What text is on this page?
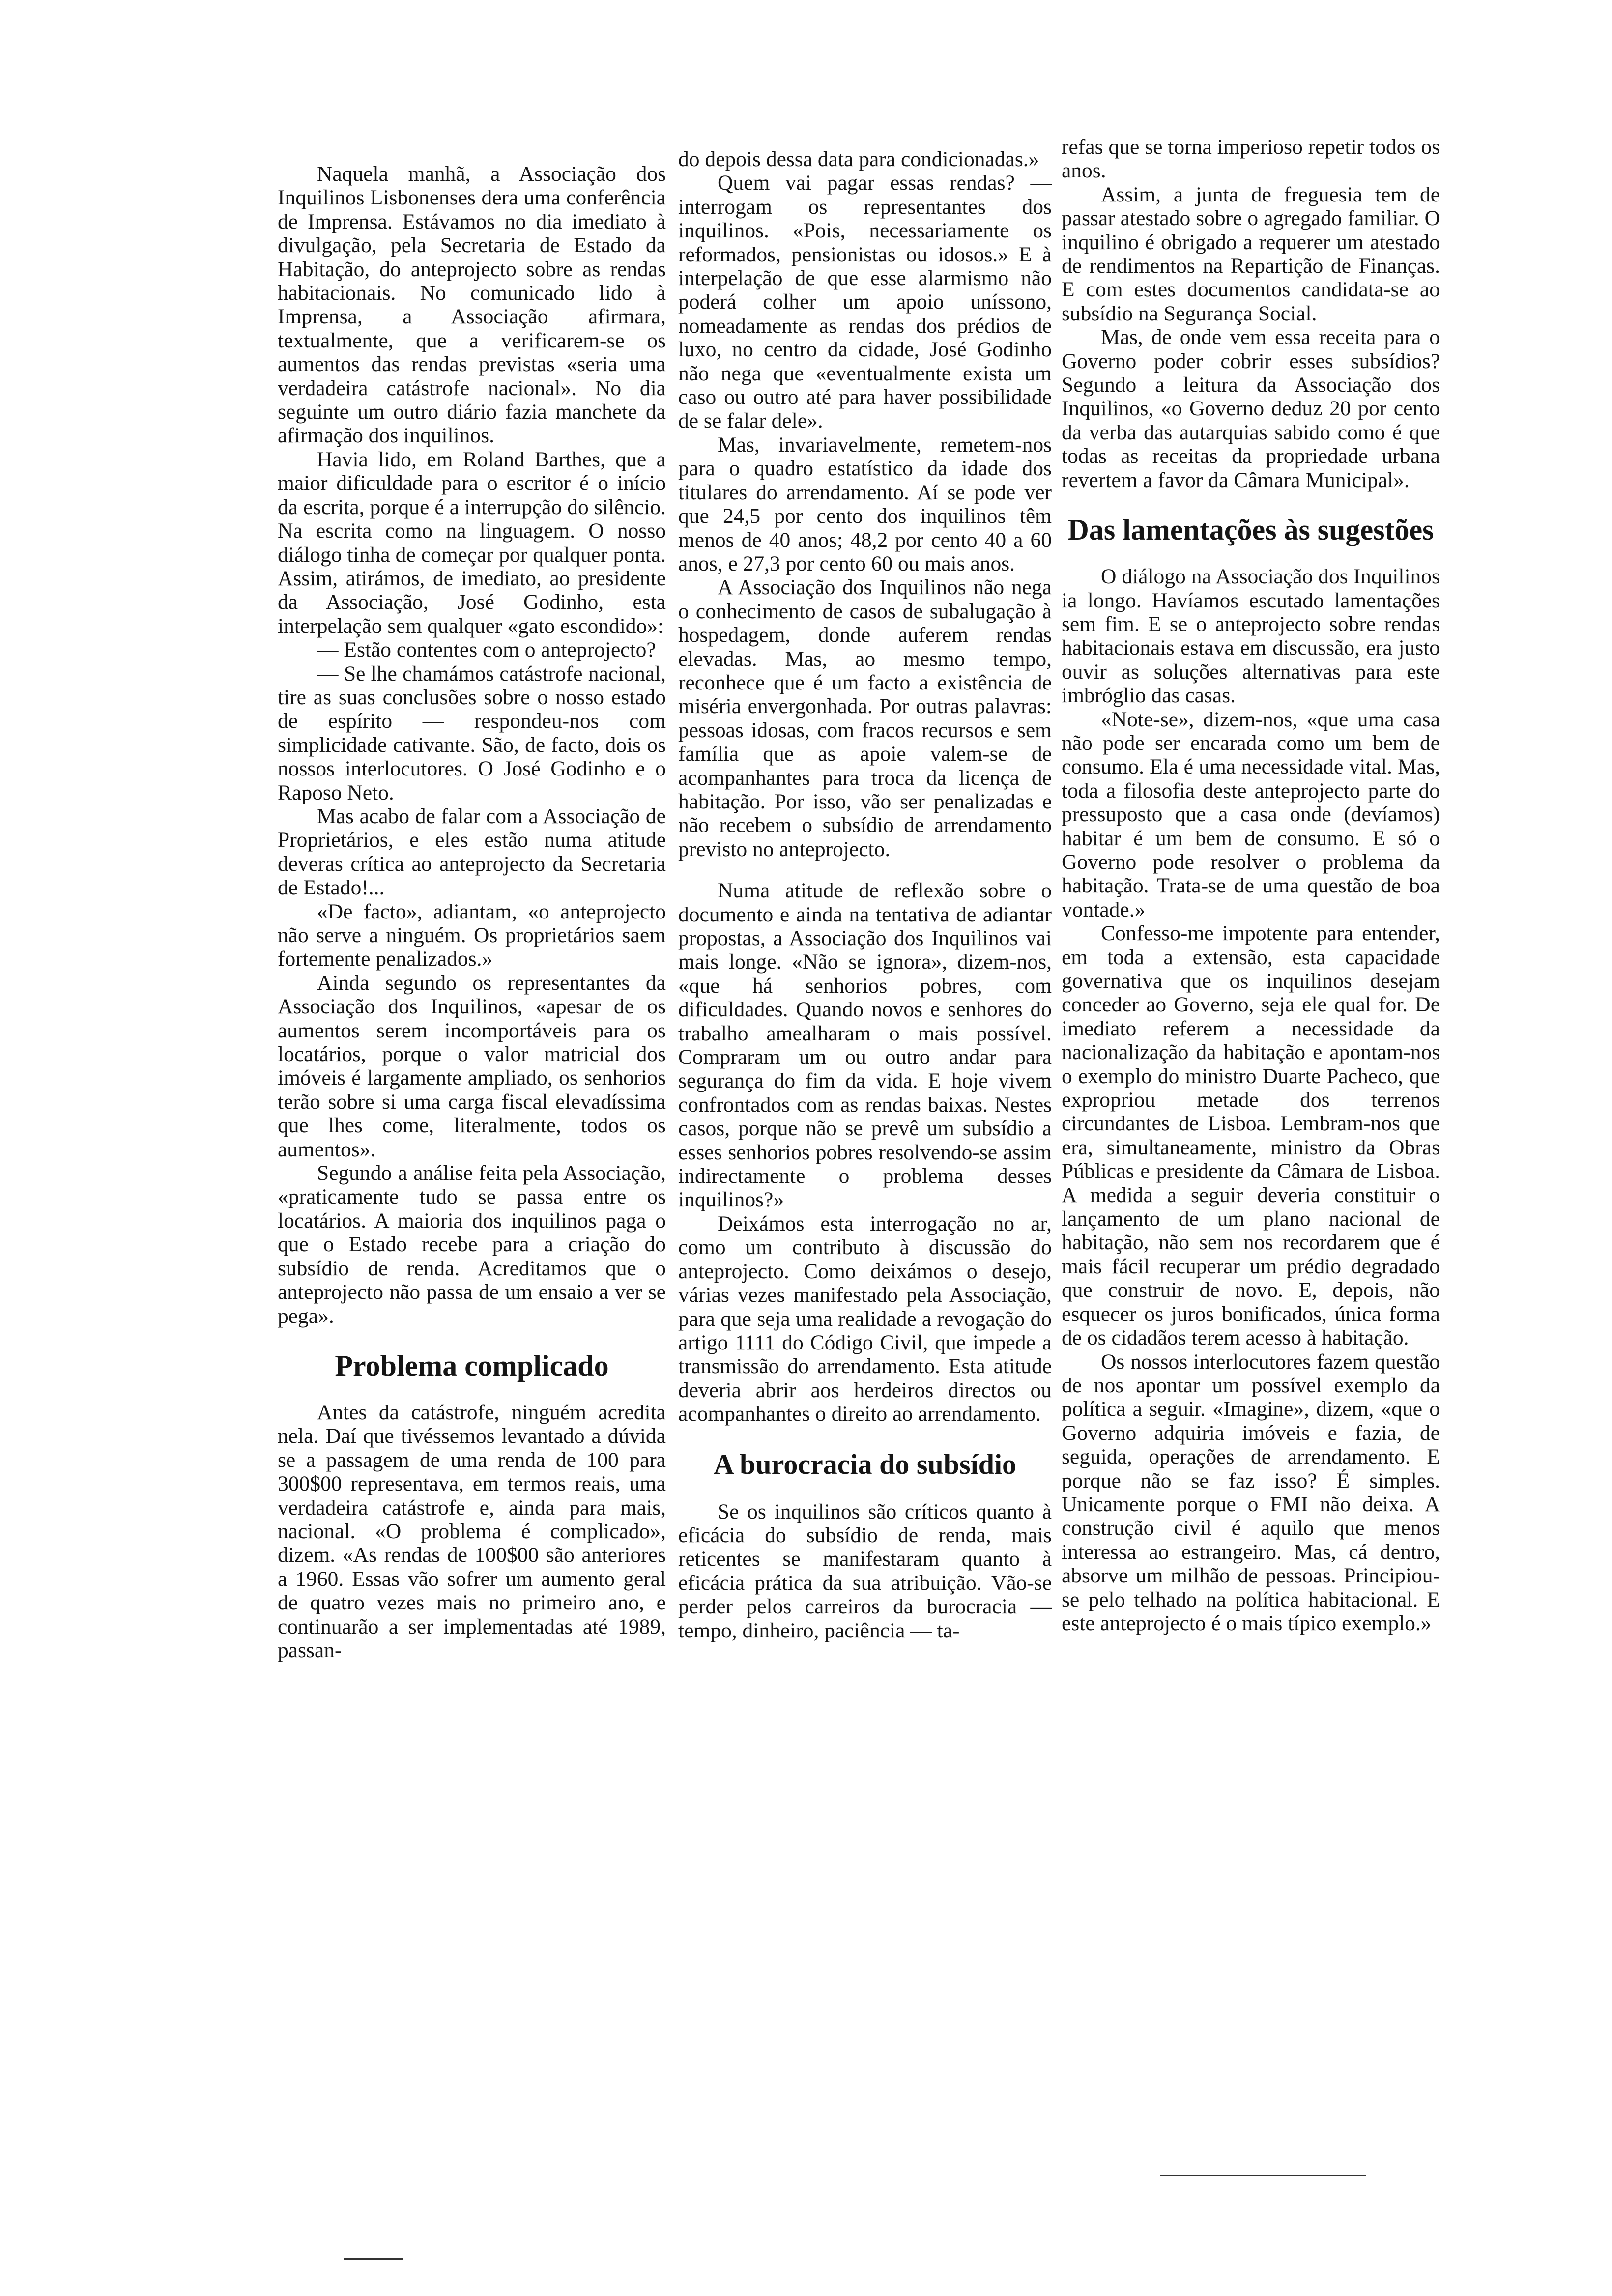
Naquela manhã, a Associação dos Inquilinos Lisbonenses dera uma conferência de Imprensa. Estávamos no dia imediato à divulgação, pela Secretaria de Estado da Habitação, do anteprojecto sobre as rendas habitacionais. No comunicado lido à Imprensa, a Associação afirmara, textualmente, que a verificarem-se os aumentos das rendas previstas «seria uma verdadeira catástrofe nacional». No dia seguinte um outro diário fazia manchete da afirmação dos inquilinos.

Havia lido, em Roland Barthes, que a maior dificuldade para o escritor é o início da escrita, porque é a interrupção do silêncio. Na escrita como na linguagem. O nosso diálogo tinha de começar por qualquer ponta. Assim, atirámos, de imediato, ao presidente da Associação, José Godinho, esta interpelação sem qualquer «gato escondido»:

— Estão contentes com o anteprojecto?

— Se lhe chamámos catástrofe nacional, tire as suas conclusões sobre o nosso estado de espírito — respondeu-nos com simplicidade cativante. São, de facto, dois os nossos interlocutores. O José Godinho e o Raposo Neto.

Mas acabo de falar com a Associação de Proprietários, e eles estão numa atitude deveras crítica ao anteprojecto da Secretaria de Estado!...

«De facto», adiantam, «o anteprojecto não serve a ninguém. Os proprietários saem fortemente penalizados.»

Ainda segundo os representantes da Associação dos Inquilinos, «apesar de os aumentos serem incomportáveis para os locatários, porque o valor matricial dos imóveis é largamente ampliado, os senhorios terão sobre si uma carga fiscal elevadíssima que lhes come, literalmente, todos os aumentos».

Segundo a análise feita pela Associação, «praticamente tudo se passa entre os locatários. A maioria dos inquilinos paga o que o Estado recebe para a criação do subsídio de renda. Acreditamos que o anteprojecto não passa de um ensaio a ver se pega».

Problema complicado

Antes da catástrofe, ninguém acredita nela. Daí que tivéssemos levantado a dúvida se a passagem de uma renda de 100 para 300$00 representava, em termos reais, uma verdadeira catástrofe e, ainda para mais, nacional. «O problema é complicado», dizem. «As rendas de 100$00 são anteriores a 1960. Essas vão sofrer um aumento geral de quatro vezes mais no primeiro ano, e continuarão a ser implementadas até 1989, passan-

do depois dessa data para condicionadas.»

Quem vai pagar essas rendas? — interrogam os representantes dos inquilinos. «Pois, necessariamente os reformados, pensionistas ou idosos.» E à interpelação de que esse alarmismo não poderá colher um apoio uníssono, nomeadamente as rendas dos prédios de luxo, no centro da cidade, José Godinho não nega que «eventualmente exista um caso ou outro até para haver possibilidade de se falar dele».

Mas, invariavelmente, remetem-nos para o quadro estatístico da idade dos titulares do arrendamento. Aí se pode ver que 24,5 por cento dos inquilinos têm menos de 40 anos; 48,2 por cento 40 a 60 anos, e 27,3 por cento 60 ou mais anos.

A Associação dos Inquilinos não nega o conhecimento de casos de subalugação à hospedagem, donde auferem rendas elevadas. Mas, ao mesmo tempo, reconhece que é um facto a existência de miséria envergonhada. Por outras palavras: pessoas idosas, com fracos recursos e sem família que as apoie valem-se de acompanhantes para troca da licença de habitação. Por isso, vão ser penalizadas e não recebem o subsídio de arrendamento previsto no anteprojecto.

Numa atitude de reflexão sobre o documento e ainda na tentativa de adiantar propostas, a Associação dos Inquilinos vai mais longe. «Não se ignora», dizem-nos, «que há senhorios pobres, com dificuldades. Quando novos e senhores do trabalho amealharam o mais possível. Compraram um ou outro andar para segurança do fim da vida. E hoje vivem confrontados com as rendas baixas. Nestes casos, porque não se prevê um subsídio a esses senhorios pobres resolvendo-se assim indirectamente o problema desses inquilinos?»

Deixámos esta interrogação no ar, como um contributo à discussão do anteprojecto. Como deixámos o desejo, várias vezes manifestado pela Associação, para que seja uma realidade a revogação do artigo 1111 do Código Civil, que impede a transmissão do arrendamento. Esta atitude deveria abrir aos herdeiros directos ou acompanhantes o direito ao arrendamento.

A burocracia do subsídio

Se os inquilinos são críticos quanto à eficácia do subsídio de renda, mais reticentes se manifestaram quanto à eficácia prática da sua atribuição. Vão-se perder pelos carreiros da burocracia — tempo, dinheiro, paciência — ta-

refas que se torna imperioso repetir todos os anos.

Assim, a junta de freguesia tem de passar atestado sobre o agregado familiar. O inquilino é obrigado a requerer um atestado de rendimentos na Repartição de Finanças. E com estes documentos candidata-se ao subsídio na Segurança Social.

Mas, de onde vem essa receita para o Governo poder cobrir esses subsídios? Segundo a leitura da Associação dos Inquilinos, «o Governo deduz 20 por cento da verba das autarquias sabido como é que todas as receitas da propriedade urbana revertem a favor da Câmara Municipal».

Das lamentações às sugestões

O diálogo na Associação dos Inquilinos ia longo. Havíamos escutado lamentações sem fim. E se o anteprojecto sobre rendas habitacionais estava em discussão, era justo ouvir as soluções alternativas para este imbróglio das casas.

«Note-se», dizem-nos, «que uma casa não pode ser encarada como um bem de consumo. Ela é uma necessidade vital. Mas, toda a filosofia deste anteprojecto parte do pressuposto que a casa onde (devíamos) habitar é um bem de consumo. E só o Governo pode resolver o problema da habitação. Trata-se de uma questão de boa vontade.»

Confesso-me impotente para entender, em toda a extensão, esta capacidade governativa que os inquilinos desejam conceder ao Governo, seja ele qual for. De imediato referem a necessidade da nacionalização da habitação e apontam-nos o exemplo do ministro Duarte Pacheco, que expropriou metade dos terrenos circundantes de Lisboa. Lembram-nos que era, simultaneamente, ministro da Obras Públicas e presidente da Câmara de Lisboa. A medida a seguir deveria constituir o lançamento de um plano nacional de habitação, não sem nos recordarem que é mais fácil recuperar um prédio degradado que construir de novo. E, depois, não esquecer os juros bonificados, única forma de os cidadãos terem acesso à habitação.

Os nossos interlocutores fazem questão de nos apontar um possível exemplo da política a seguir. «Imagine», dizem, «que o Governo adquiria imóveis e fazia, de seguida, operações de arrendamento. E porque não se faz isso? É simples. Unicamente porque o FMI não deixa. A construção civil é aquilo que menos interessa ao estrangeiro. Mas, cá dentro, absorve um milhão de pessoas. Principiou-se pelo telhado na política habitacional. E este anteprojecto é o mais típico exemplo.»
